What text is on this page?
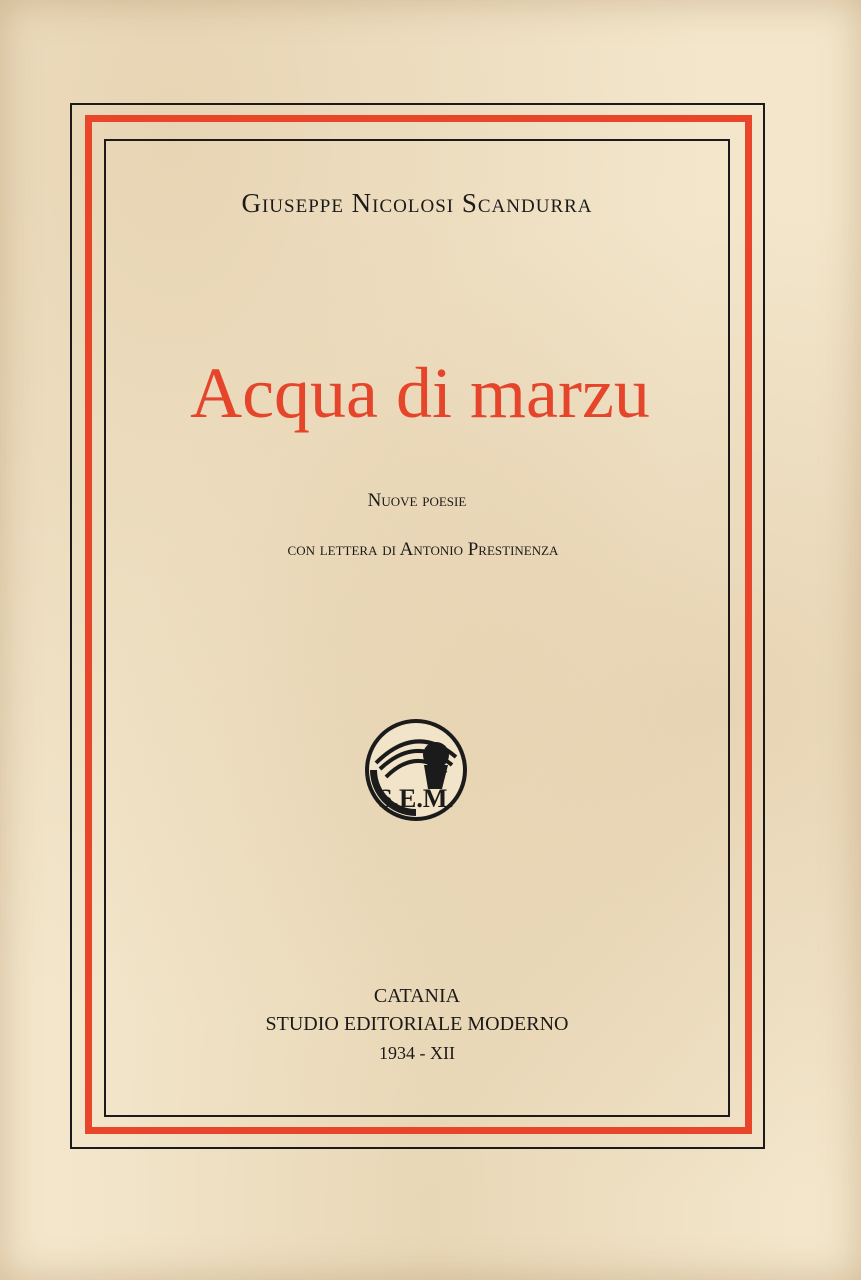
Giuseppe Nicolosi Scandurra
Acqua di marzu
Nuove poesie
con lettera di Antonio Prestinenza
S.E.M.
CATANIA
STUDIO EDITORIALE MODERNO
1934 - XII
